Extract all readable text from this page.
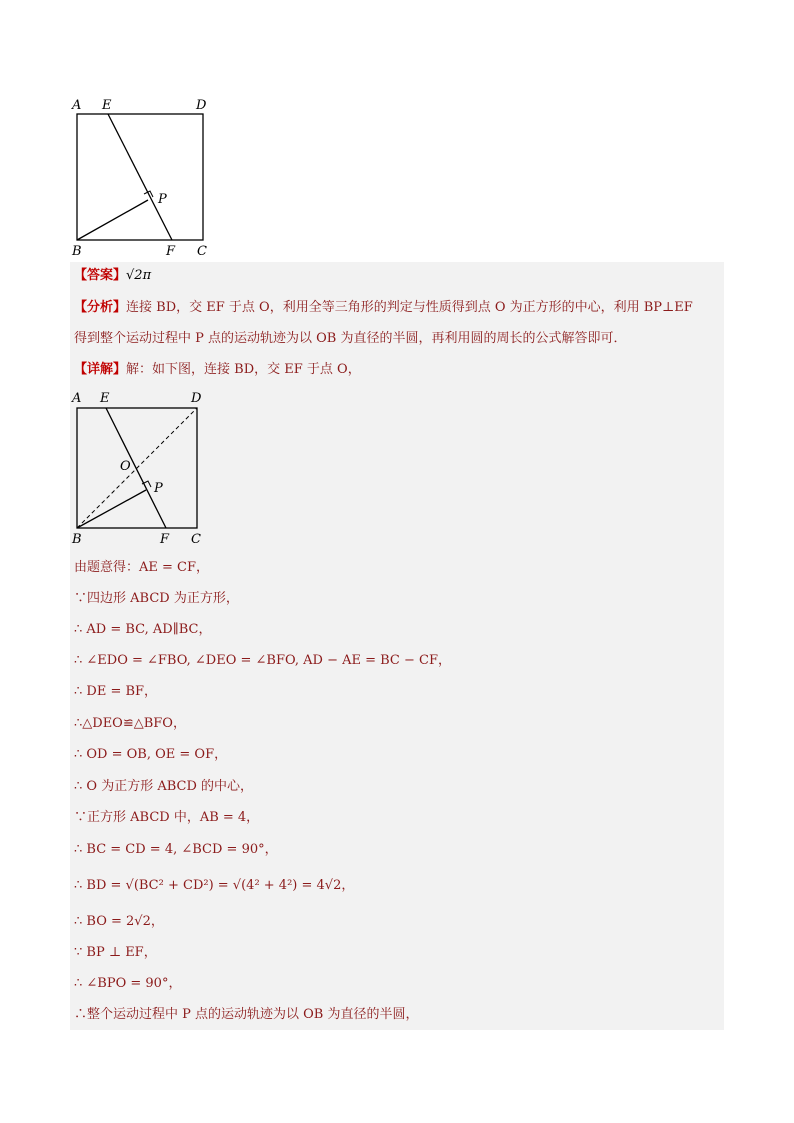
A E	D
P
B	F C
【答案】√2π
【分析】连接 BD，交 EF 于点 O，利用全等三角形的判定与性质得到点 O 为正方形的中心，利用 BP⊥EF
得到整个运动过程中 P 点的运动轨迹为以 OB 为直径的半圆，再利用圆的周长的公式解答即可．
【详解】解：如下图，连接 BD，交 EF 于点 O，
A E	D
O
P
B	F C
由题意得：AE = CF，
∵四边形 ABCD 为正方形，
∴ AD = BC, AD∥BC，
∴ ∠EDO = ∠FBO, ∠DEO = ∠BFO, AD − AE = BC − CF，
∴ DE = BF，
∴△DEO≌△BFO，
∴ OD = OB, OE = OF，
∴ O 为正方形 ABCD 的中心，
∵正方形 ABCD 中，AB = 4，
∴ BC = CD = 4, ∠BCD = 90°，
∴ BD = √(BC² + CD²) = √(4² + 4²) = 4√2，
∴ BO = 2√2，
∵ BP ⊥ EF，
∴ ∠BPO = 90°，
∴整个运动过程中 P 点的运动轨迹为以 OB 为直径的半圆，
